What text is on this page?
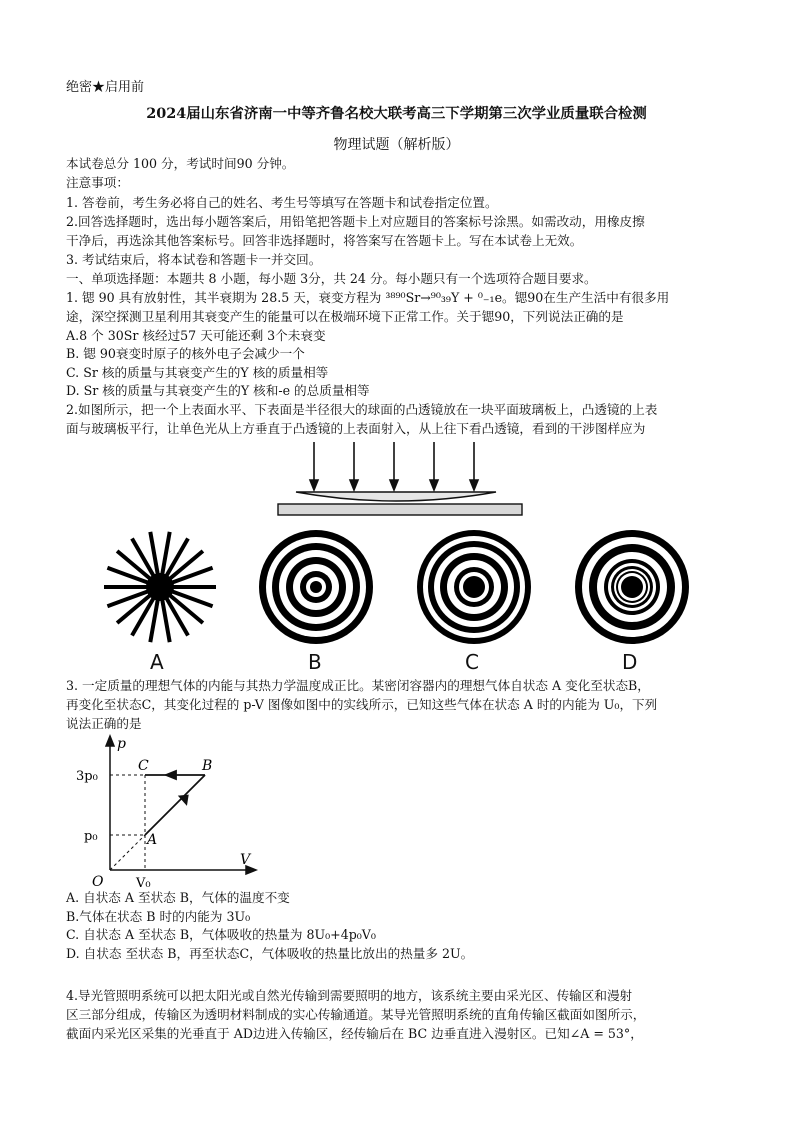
绝密★启用前
2024届山东省济南一中等齐鲁名校大联考高三下学期第三次学业质量联合检测
物理试题（解析版）
本试卷总分 100 分，考试时间90 分钟。
注意事项：
1. 答卷前，考生务必将自己的姓名、考生号等填写在答题卡和试卷指定位置。
2.回答选择题时，选出每小题答案后，用铅笔把答题卡上对应题目的答案标号涂黑。如需改动，用橡皮擦
干净后，再选涂其他答案标号。回答非选择题时，将答案写在答题卡上。写在本试卷上无效。
3. 考试结束后，将本试卷和答题卡一并交回。
一、单项选择题：本题共 8 小题，每小题 3分，共 24 分。每小题只有一个选项符合题目要求。
1. 锶 90 具有放射性，其半衰期为 28.5 天，衰变方程为 ³⁸⁹⁰Sr→⁹⁰₃₉Y + ⁰₋₁e。锶90在生产生活中有很多用
途，深空探测卫星利用其衰变产生的能量可以在极端环境下正常工作。关于锶90，下列说法正确的是
A.8 个 30Sr 核经过57 天可能还剩 3个未衰变
B. 锶 90衰变时原子的核外电子会减少一个
C. Sr 核的质量与其衰变产生的Y 核的质量相等
D. Sr 核的质量与其衰变产生的Y 核和-e 的总质量相等
2.如图所示，把一个上表面水平、下表面是半径很大的球面的凸透镜放在一块平面玻璃板上，凸透镜的上表
面与玻璃板平行，让单色光从上方垂直于凸透镜的上表面射入，从上往下看凸透镜，看到的干涉图样应为
A	B	C	D
3. 一定质量的理想气体的内能与其热力学温度成正比。某密闭容器内的理想气体自状态 A 变化至状态B，
再变化至状态C，其变化过程的 p-V 图像如图中的实线所示，已知这些气体在状态 A 时的内能为 U₀，下列
说法正确的是
p
V
O
3p₀
p₀
V₀
A
B
C
A. 自状态 A 至状态 B，气体的温度不变
B.气体在状态 B 时的内能为 3U₀
C. 自状态 A 至状态 B，气体吸收的热量为 8U₀+4p₀V₀
D. 自状态 至状态 B，再至状态C，气体吸收的热量比放出的热量多 2U。
4.导光管照明系统可以把太阳光或自然光传输到需要照明的地方，该系统主要由采光区、传输区和漫射
区三部分组成，传输区为透明材料制成的实心传输通道。某导光管照明系统的直角传输区截面如图所示，
截面内采光区采集的光垂直于 AD边进入传输区，经传输后在 BC 边垂直进入漫射区。已知∠A = 53°，
